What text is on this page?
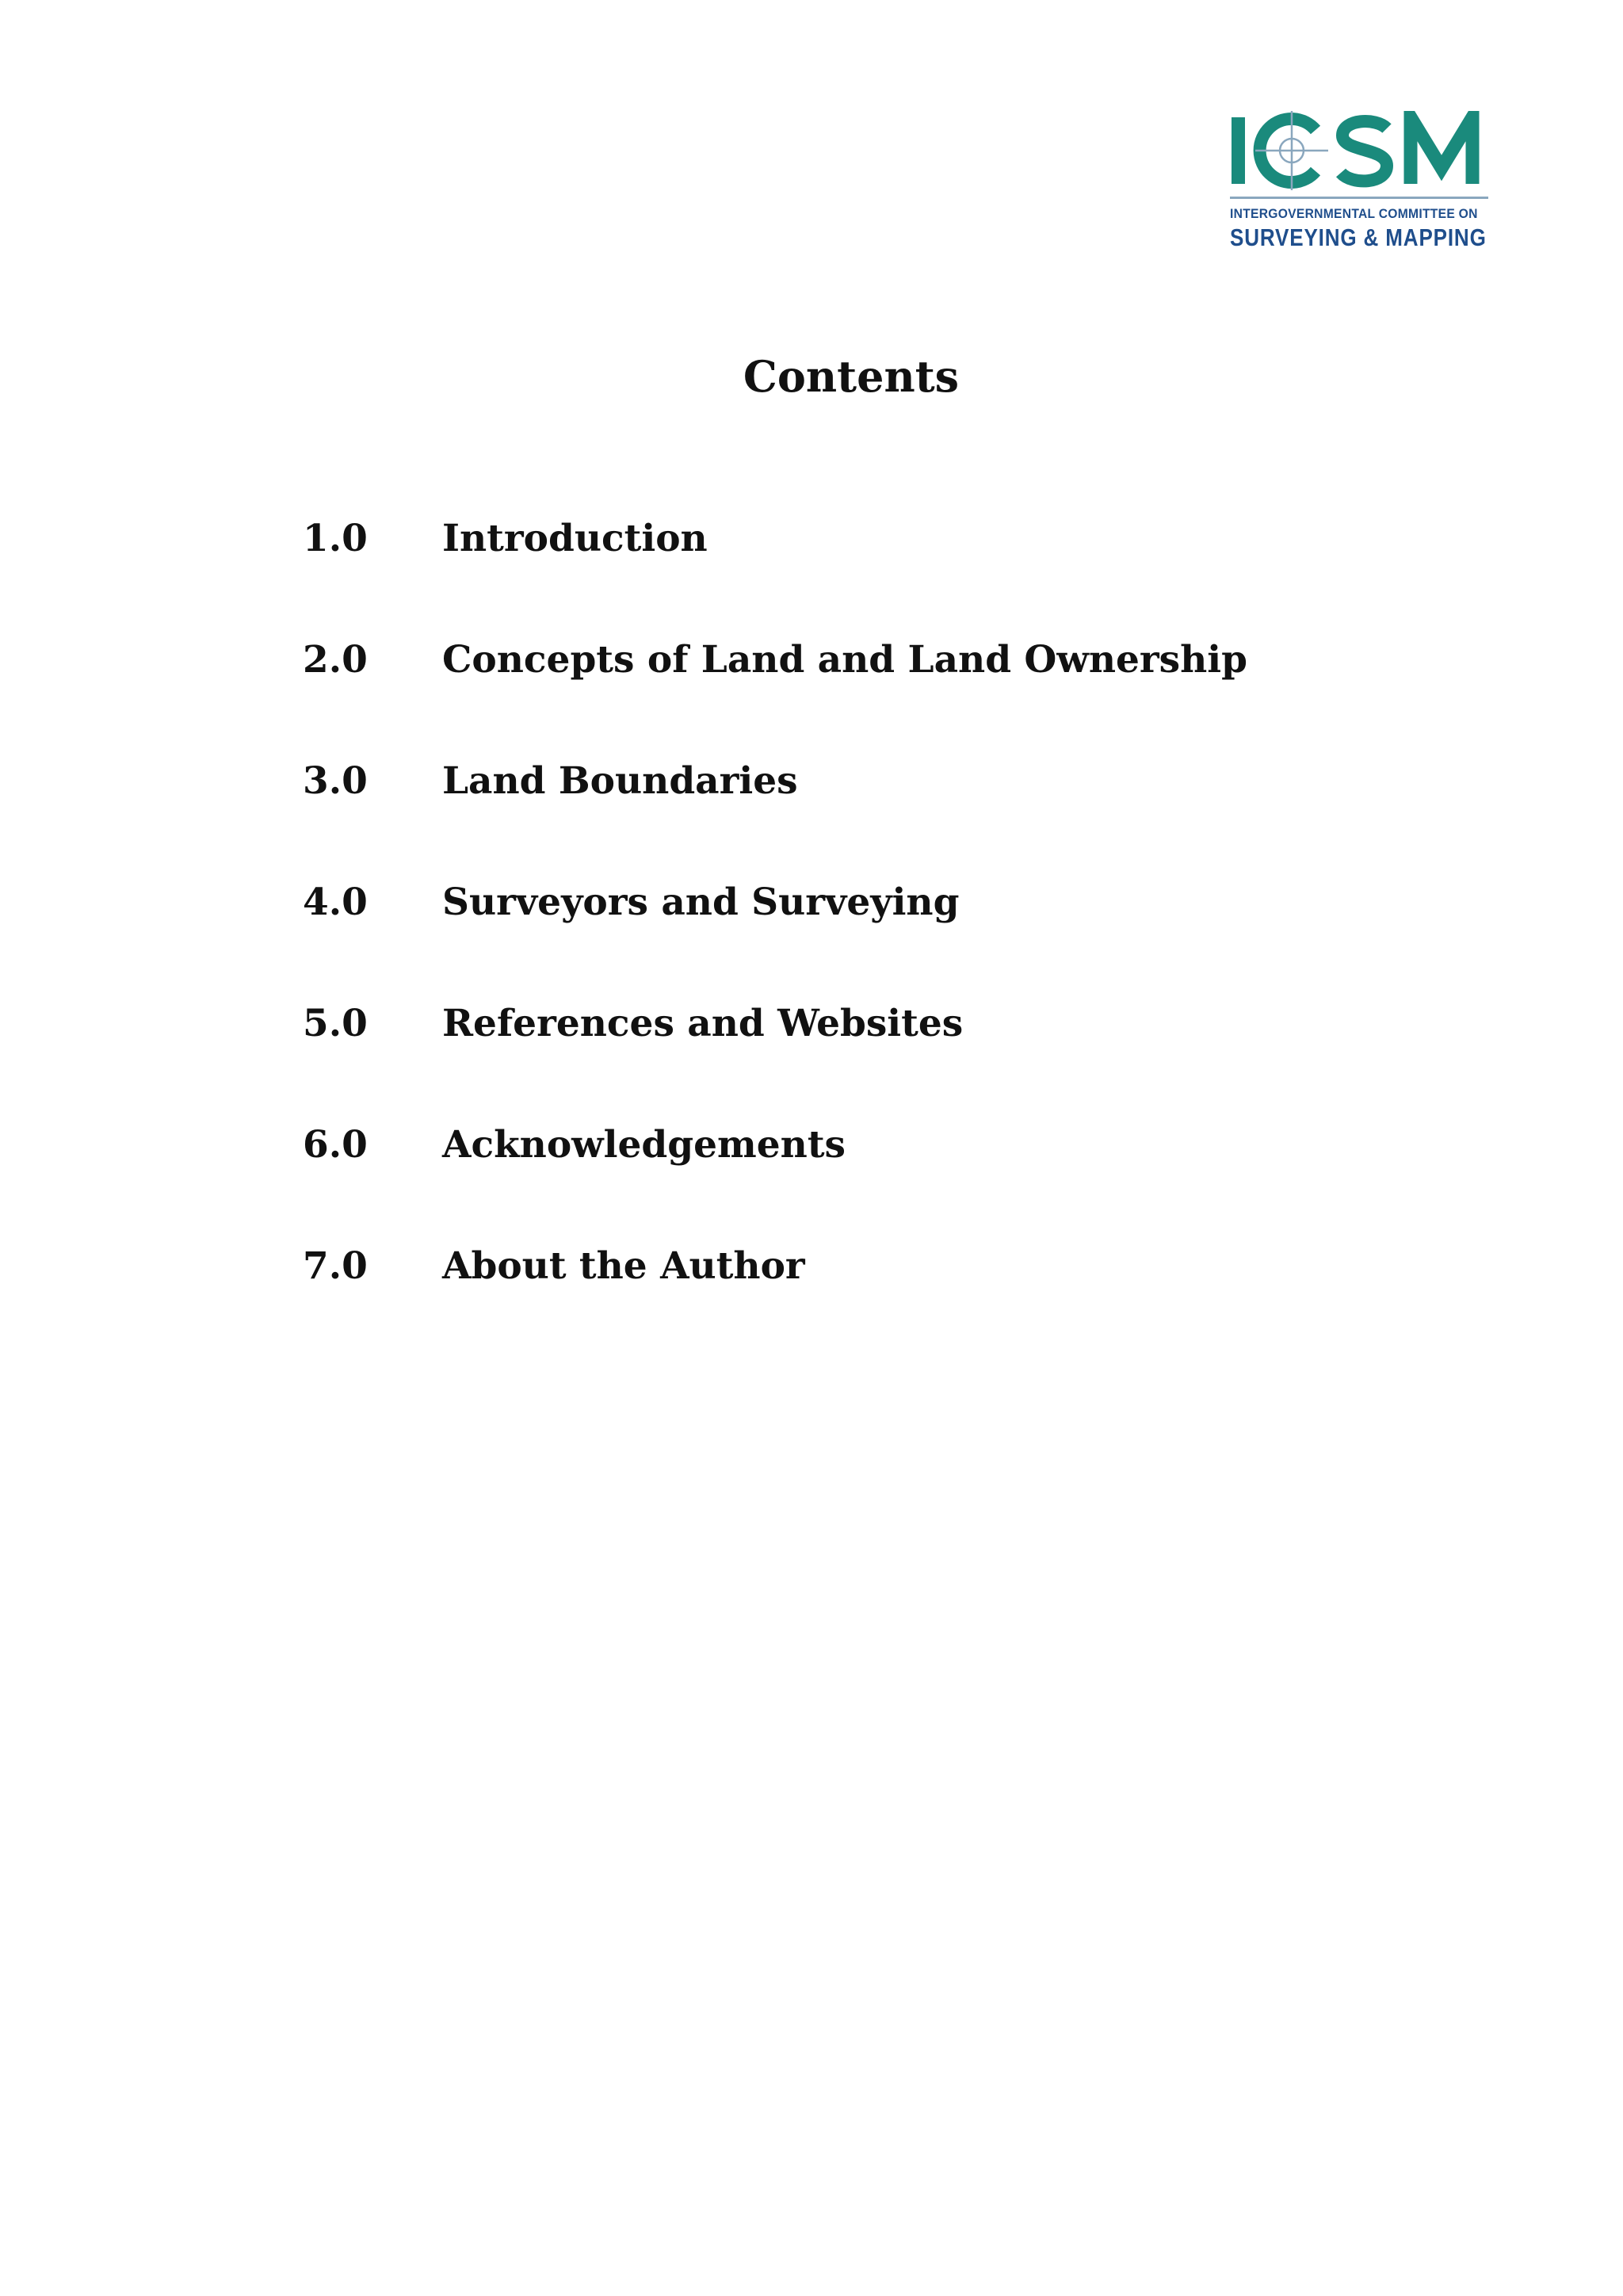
INTERGOVERNMENTAL COMMITTEE ON
SURVEYING & MAPPING
Contents
1.0 Introduction
2.0 Concepts of Land and Land Ownership
3.0 Land Boundaries
4.0 Surveyors and Surveying
5.0 References and Websites
6.0 Acknowledgements
7.0 About the Author
